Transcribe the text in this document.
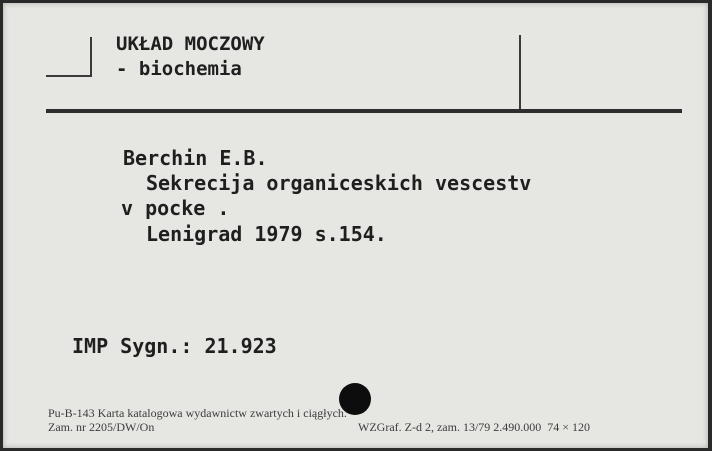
UKŁAD MOCZOWY
- biochemia
Berchin E.B.
Sekrecija organiceskich vescestv
v pocke .
Lenigrad 1979 s.154.
IMP Sygn.: 21.923
Pu-B-143 Karta katalogowa wydawnictw zwartych i ciągłych.
Zam. nr 2205/DW/On	WZGraf. Z-d 2, zam. 13/79 2.490.000  74 × 120
